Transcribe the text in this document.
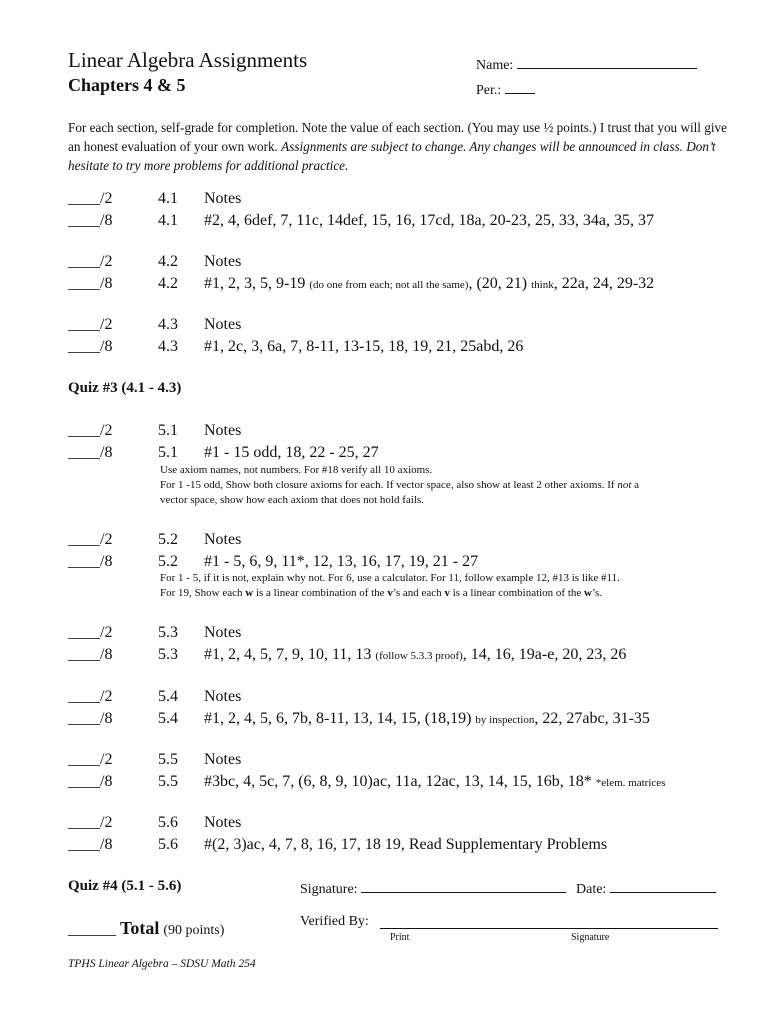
Linear Algebra Assignments
Chapters 4 & 5
Name:
Per.:
For each section, self-grade for completion. Note the value of each section. (You may use ½ points.) I trust that you will give an honest evaluation of your own work. Assignments are subject to change. Any changes will be announced in class. Don’t hesitate to try more problems for additional practice.
____/2	4.1 Notes
____/8	4.1 #2, 4, 6def, 7, 11c, 14def, 15, 16, 17cd, 18a, 20-23, 25, 33, 34a, 35, 37
____/2	4.2 Notes
____/8	4.2 #1, 2, 3, 5, 9-19 (do one from each; not all the same), (20, 21) think, 22a, 24, 29-32
____/2	4.3 Notes
____/8	4.3 #1, 2c, 3, 6a, 7, 8-11, 13-15, 18, 19, 21, 25abd, 26
____/2	5.1 Notes
____/8	5.1 #1 - 15 odd, 18, 22 - 25, 27
____/2	5.2 Notes
____/8	5.2 #1 - 5, 6, 9, 11*, 12, 13, 16, 17, 19, 21 - 27
____/2	5.3 Notes
____/8	5.3 #1, 2, 4, 5, 7, 9, 10, 11, 13 (follow 5.3.3 proof), 14, 16, 19a-e, 20, 23, 26
____/2	5.4 Notes
____/8	5.4 #1, 2, 4, 5, 6, 7b, 8-11, 13, 14, 15, (18,19) by inspection, 22, 27abc, 31-35
____/2	5.5 Notes
____/8	5.5 #3bc, 4, 5c, 7, (6, 8, 9, 10)ac, 11a, 12ac, 13, 14, 15, 16b, 18* *elem. matrices
____/2	5.6 Notes
____/8	5.6 #(2, 3)ac, 4, 7, 8, 16, 17, 18 19, Read Supplementary Problems
Quiz #3 (4.1 - 4.3)
Quiz #4 (5.1 - 5.6)
Use axiom names, not numbers. For #18 verify all 10 axioms.
For 1 -15 odd, Show both closure axioms for each. If vector space, also show at least 2 other axioms. If not a
vector space, show how each axiom that does not hold fails.
For 1 - 5, if it is not, explain why not. For 6, use a calculator. For 11, follow example 12, #13 is like #11.
For 19, Show each w is a linear combination of the v’s and each v is a linear combination of the w’s.
Signature:	Date:
Verified By:
Print	Signature
______ Total (90 points)
TPHS Linear Algebra – SDSU Math 254
